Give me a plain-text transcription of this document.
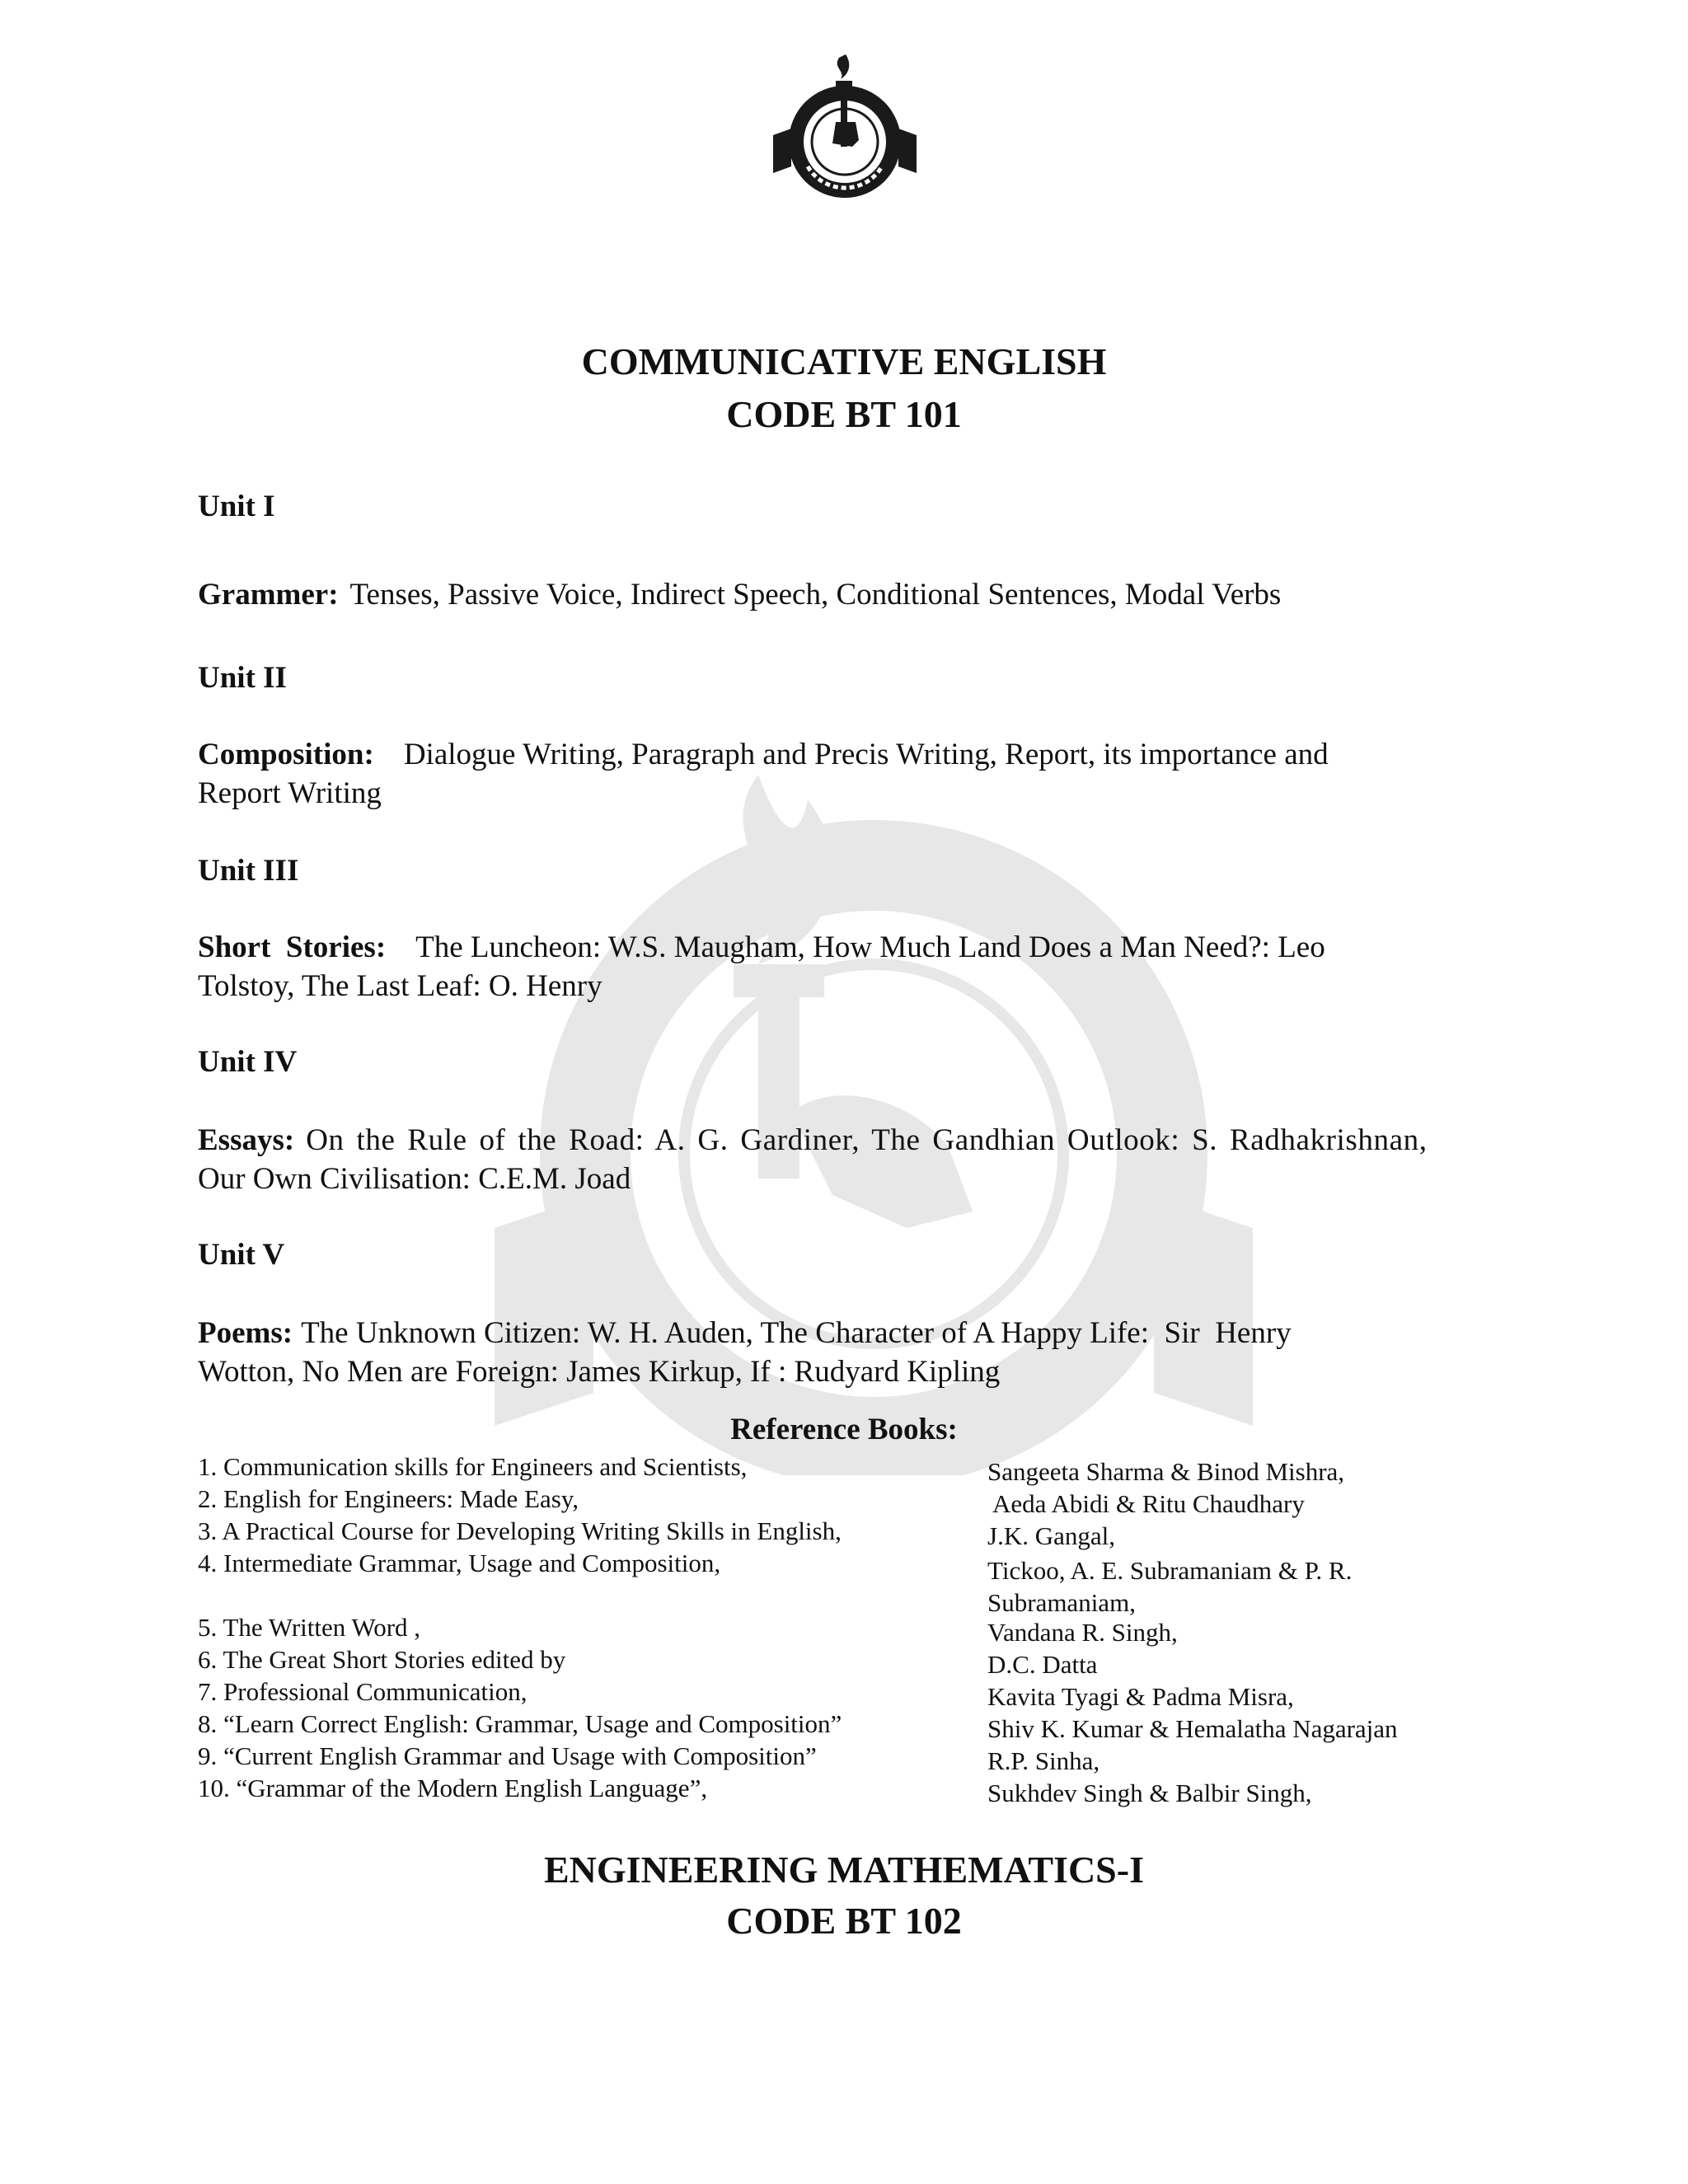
COMMUNICATIVE ENGLISH
CODE BT 101
Unit I

Grammer: Tenses, Passive Voice, Indirect Speech, Conditional Sentences, Modal Verbs

Unit II

Composition: Dialogue Writing, Paragraph and Precis Writing, Report, its importance and
Report Writing

Unit III

Short  Stories: The Luncheon: W.S. Maugham, How Much Land Does a Man Need?: Leo
Tolstoy, The Last Leaf: O. Henry

Unit IV

Essays: On the Rule of the Road: A. G. Gardiner, The Gandhian Outlook: S. Radhakrishnan,
Our Own Civilisation: C.E.M. Joad

Unit V

Poems: The Unknown Citizen: W. H. Auden, The Character of A Happy Life:  Sir  Henry
Wotton, No Men are Foreign: James Kirkup, If : Rudyard Kipling

Reference Books:

1. Communication skills for Engineers and Scientists,

2. English for Engineers: Made Easy,

3. A Practical Course for Developing Writing Skills in English,

4. Intermediate Grammar, Usage and Composition,

5. The Written Word ,

6. The Great Short Stories edited by

7. Professional Communication,

8. “Learn Correct English: Grammar, Usage and Composition”

9. “Current English Grammar and Usage with Composition”

10. “Grammar of the Modern English Language”,

Sangeeta Sharma & Binod Mishra,

Aeda Abidi & Ritu Chaudhary

J.K. Gangal,

Tickoo, A. E. Subramaniam & P. R.

Subramaniam,

Vandana R. Singh,

D.C. Datta

Kavita Tyagi & Padma Misra,

Shiv K. Kumar & Hemalatha Nagarajan

R.P. Sinha,

Sukhdev Singh & Balbir Singh,

ENGINEERING MATHEMATICS-I
CODE BT 102
